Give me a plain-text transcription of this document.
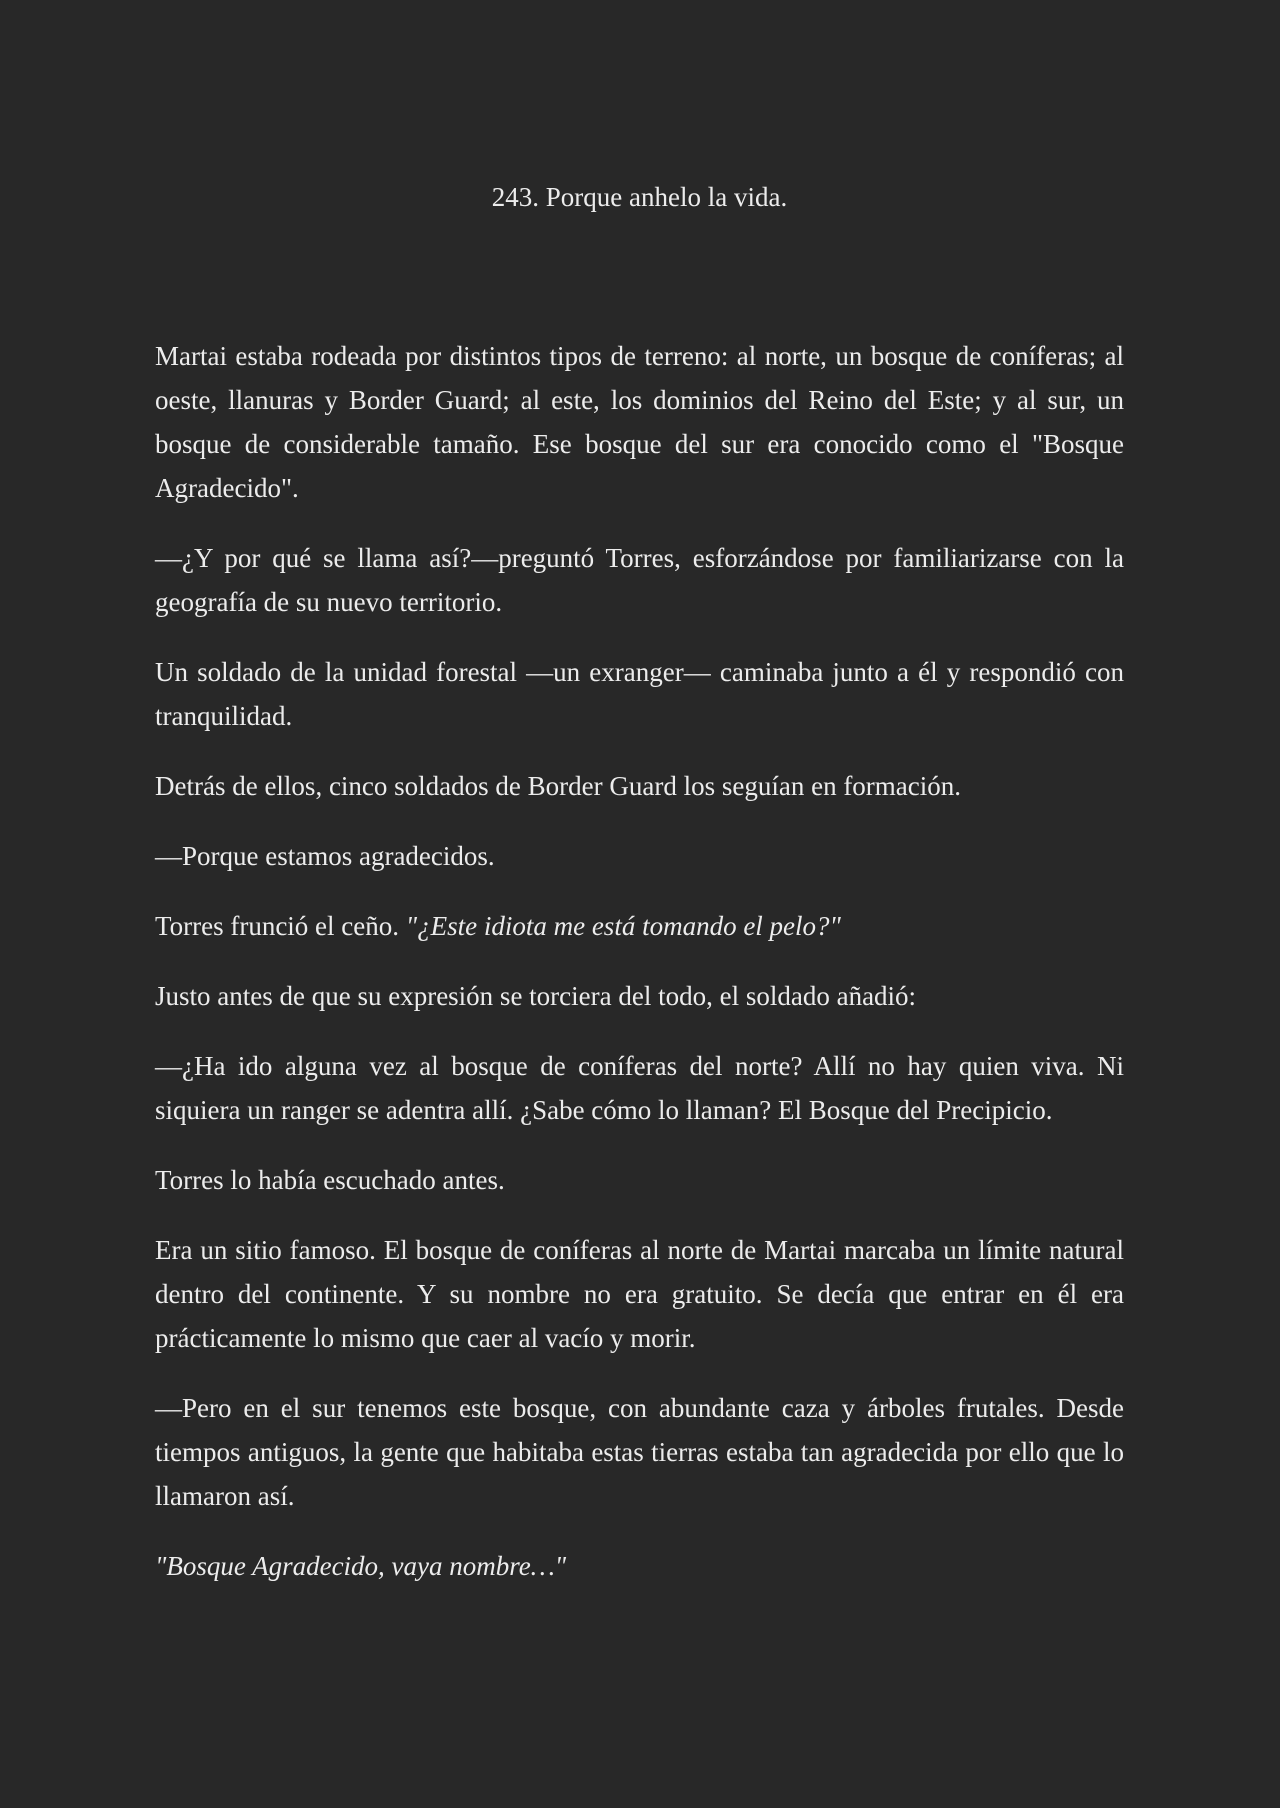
243. Porque anhelo la vida.

Martai estaba rodeada por distintos tipos de terreno: al norte, un bosque de coníferas; al oeste, llanuras y Border Guard; al este, los dominios del Reino del Este; y al sur, un bosque de considerable tamaño. Ese bosque del sur era conocido como el "Bosque Agradecido".

—¿Y por qué se llama así?—preguntó Torres, esforzándose por familiarizarse con la geografía de su nuevo territorio.

Un soldado de la unidad forestal —un exranger— caminaba junto a él y respondió con tranquilidad.

Detrás de ellos, cinco soldados de Border Guard los seguían en formación.

—Porque estamos agradecidos.

Torres frunció el ceño. "¿Este idiota me está tomando el pelo?"

Justo antes de que su expresión se torciera del todo, el soldado añadió:

—¿Ha ido alguna vez al bosque de coníferas del norte? Allí no hay quien viva. Ni siquiera un ranger se adentra allí. ¿Sabe cómo lo llaman? El Bosque del Precipicio.

Torres lo había escuchado antes.

Era un sitio famoso. El bosque de coníferas al norte de Martai marcaba un límite natural dentro del continente. Y su nombre no era gratuito. Se decía que entrar en él era prácticamente lo mismo que caer al vacío y morir.

—Pero en el sur tenemos este bosque, con abundante caza y árboles frutales. Desde tiempos antiguos, la gente que habitaba estas tierras estaba tan agradecida por ello que lo llamaron así.

"Bosque Agradecido, vaya nombre…"
